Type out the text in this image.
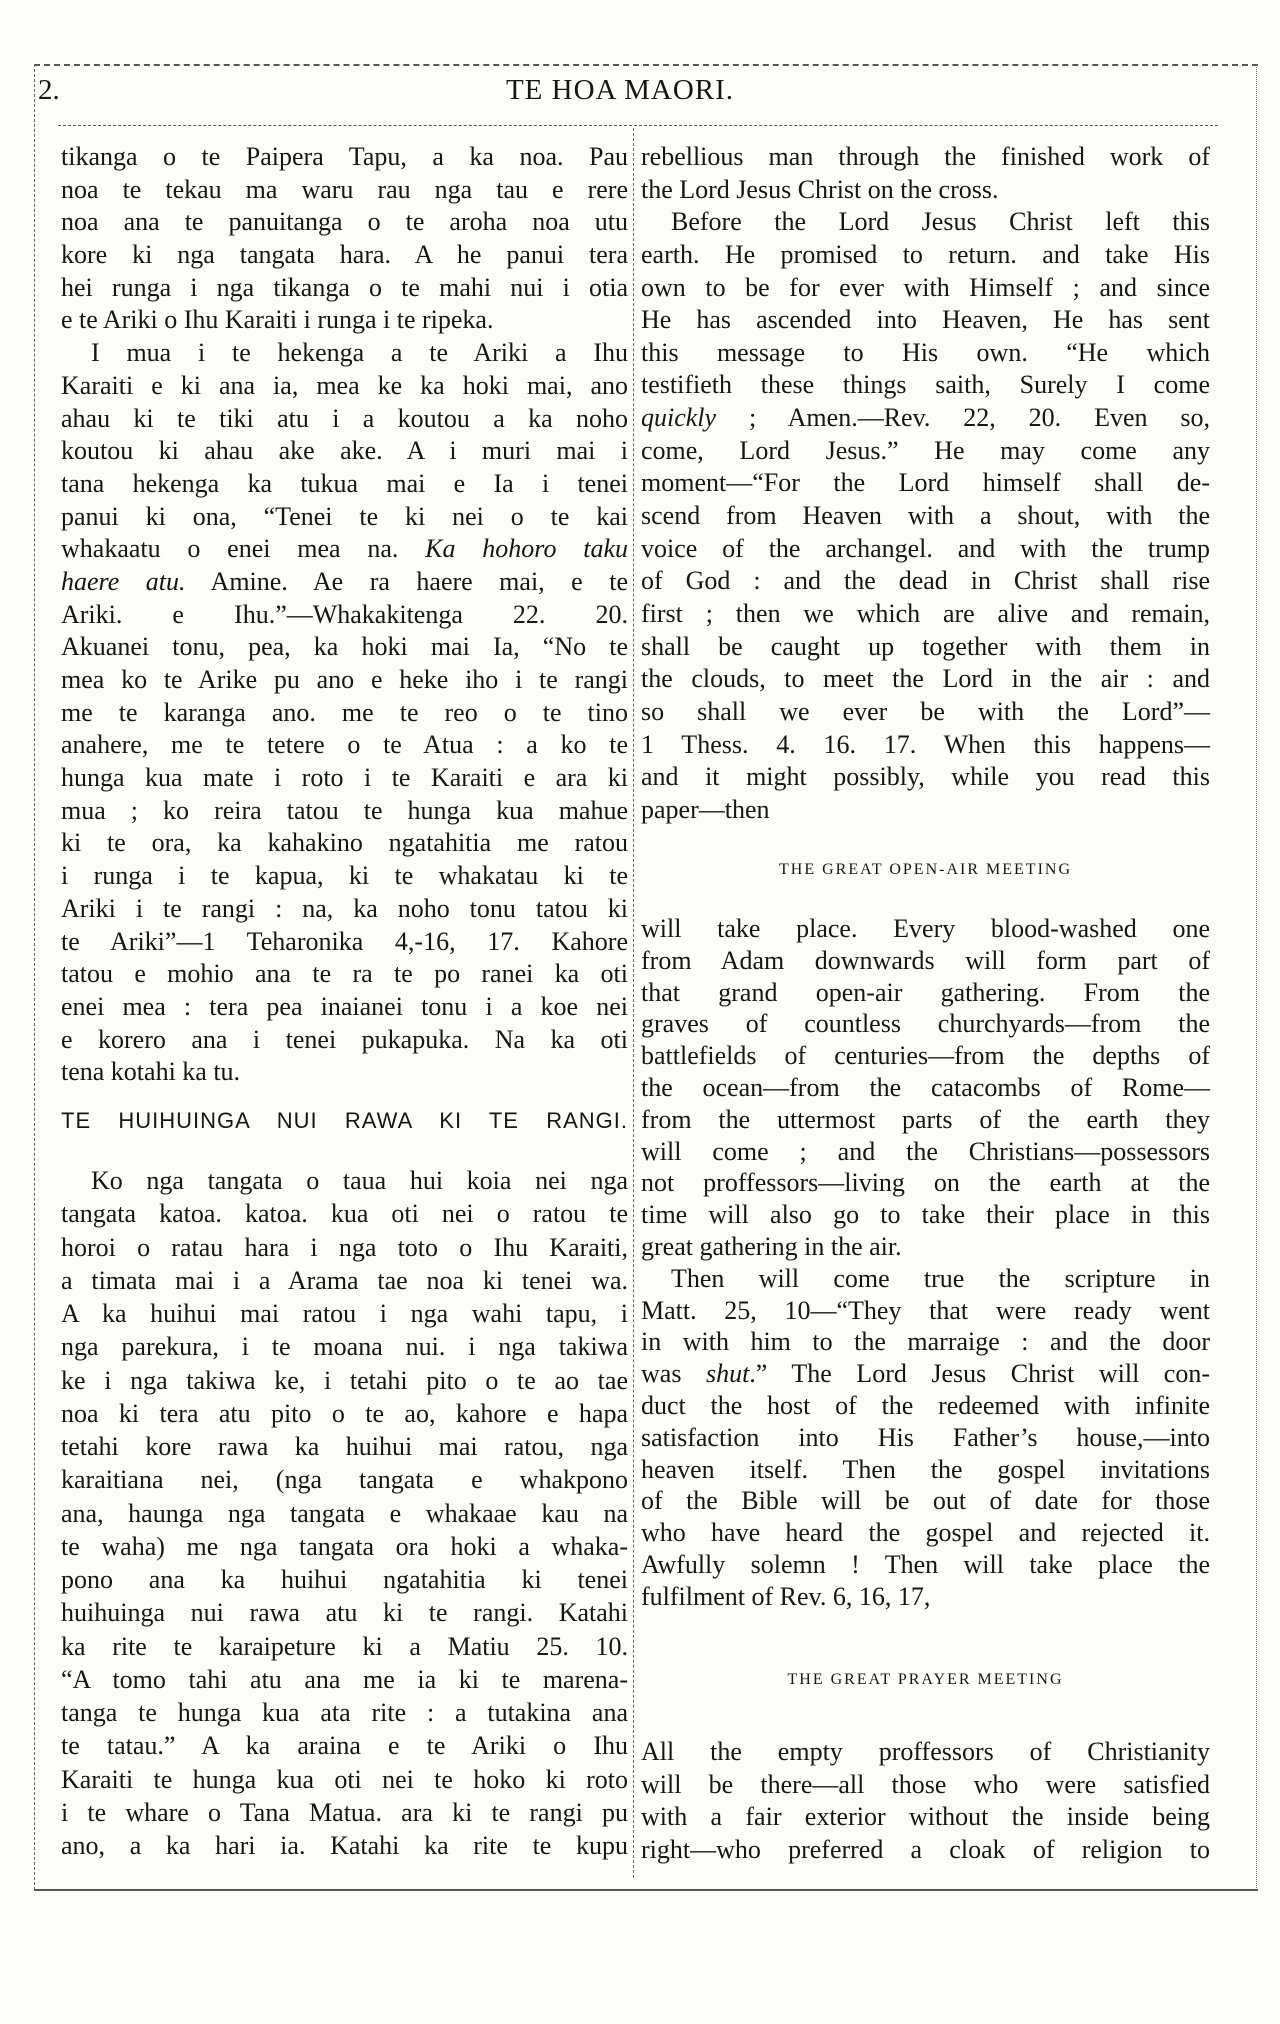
2.	TE HOA MAORI.
tikanga o te Paipera Tapu, a ka noa. Pau
noa te tekau ma waru rau nga tau e rere
noa ana te panuitanga o te aroha noa utu
kore ki nga tangata hara. A he panui tera
hei runga i nga tikanga o te mahi nui i otia
e te Ariki o Ihu Karaiti i runga i te ripeka.
I mua i te hekenga a te Ariki a Ihu
Karaiti e ki ana ia, mea ke ka hoki mai, ano
ahau ki te tiki atu i a koutou a ka noho
koutou ki ahau ake ake. A i muri mai i
tana hekenga ka tukua mai e Ia i tenei
panui ki ona, “Tenei te ki nei o te kai
whakaatu o enei mea na. Ka hohoro taku
haere atu. Amine. Ae ra haere mai, e te
Ariki. e Ihu.”—Whakakitenga 22. 20.
Akuanei tonu, pea, ka hoki mai Ia, “No te
mea ko te Arike pu ano e heke iho i te rangi
me te karanga ano. me te reo o te tino
anahere, me te tetere o te Atua : a ko te
hunga kua mate i roto i te Karaiti e ara ki
mua ; ko reira tatou te hunga kua mahue
ki te ora, ka kahakino ngatahitia me ratou
i runga i te kapua, ki te whakatau ki te
Ariki i te rangi : na, ka noho tonu tatou ki
te Ariki”—1 Teharonika 4,-16, 17. Kahore
tatou e mohio ana te ra te po ranei ka oti
enei mea : tera pea inaianei tonu i a koe nei
e korero ana i tenei pukapuka. Na ka oti
tena kotahi ka tu.
TE HUIHUINGA NUI RAWA KI TE RANGI.
Ko nga tangata o taua hui koia nei nga
tangata katoa. katoa. kua oti nei o ratou te
horoi o ratau hara i nga toto o Ihu Karaiti,
a timata mai i a Arama tae noa ki tenei wa.
A ka huihui mai ratou i nga wahi tapu, i
nga parekura, i te moana nui. i nga takiwa
ke i nga takiwa ke, i tetahi pito o te ao tae
noa ki tera atu pito o te ao, kahore e hapa
tetahi kore rawa ka huihui mai ratou, nga
karaitiana nei, (nga tangata e whakpono
ana, haunga nga tangata e whakaae kau na
te waha) me nga tangata ora hoki a whaka-
pono ana ka huihui ngatahitia ki tenei
huihuinga nui rawa atu ki te rangi. Katahi
ka rite te karaipeture ki a Matiu 25. 10.
“A tomo tahi atu ana me ia ki te marena-
tanga te hunga kua ata rite : a tutakina ana
te tatau.” A ka araina e te Ariki o Ihu
Karaiti te hunga kua oti nei te hoko ki roto
i te whare o Tana Matua. ara ki te rangi pu
ano, a ka hari ia. Katahi ka rite te kupu
rebellious man through the finished work of
the Lord Jesus Christ on the cross.
Before the Lord Jesus Christ left this
earth. He promised to return. and take His
own to be for ever with Himself ; and since
He has ascended into Heaven, He has sent
this message to His own. “He which
testifieth these things saith, Surely I come
quickly ; Amen.—Rev. 22, 20. Even so,
come, Lord Jesus.” He may come any
moment—“For the Lord himself shall de-
scend from Heaven with a shout, with the
voice of the archangel. and with the trump
of God : and the dead in Christ shall rise
first ; then we which are alive and remain,
shall be caught up together with them in
the clouds, to meet the Lord in the air : and
so shall we ever be with the Lord”—
1 Thess. 4. 16. 17. When this happens—
and it might possibly, while you read this
paper—then
THE GREAT OPEN-AIR MEETING
will take place. Every blood-washed one
from Adam downwards will form part of
that grand open-air gathering. From the
graves of countless churchyards—from the
battlefields of centuries—from the depths of
the ocean—from the catacombs of Rome—
from the uttermost parts of the earth they
will come ; and the Christians—possessors
not proffessors—living on the earth at the
time will also go to take their place in this
great gathering in the air.
Then will come true the scripture in
Matt. 25, 10—“They that were ready went
in with him to the marraige : and the door
was shut.” The Lord Jesus Christ will con-
duct the host of the redeemed with infinite
satisfaction into His Father’s house,—into
heaven itself. Then the gospel invitations
of the Bible will be out of date for those
who have heard the gospel and rejected it.
Awfully solemn ! Then will take place the
fulfilment of Rev. 6, 16, 17,
THE GREAT PRAYER MEETING
All the empty proffessors of Christianity
will be there—all those who were satisfied
with a fair exterior without the inside being
right—who preferred a cloak of religion to
